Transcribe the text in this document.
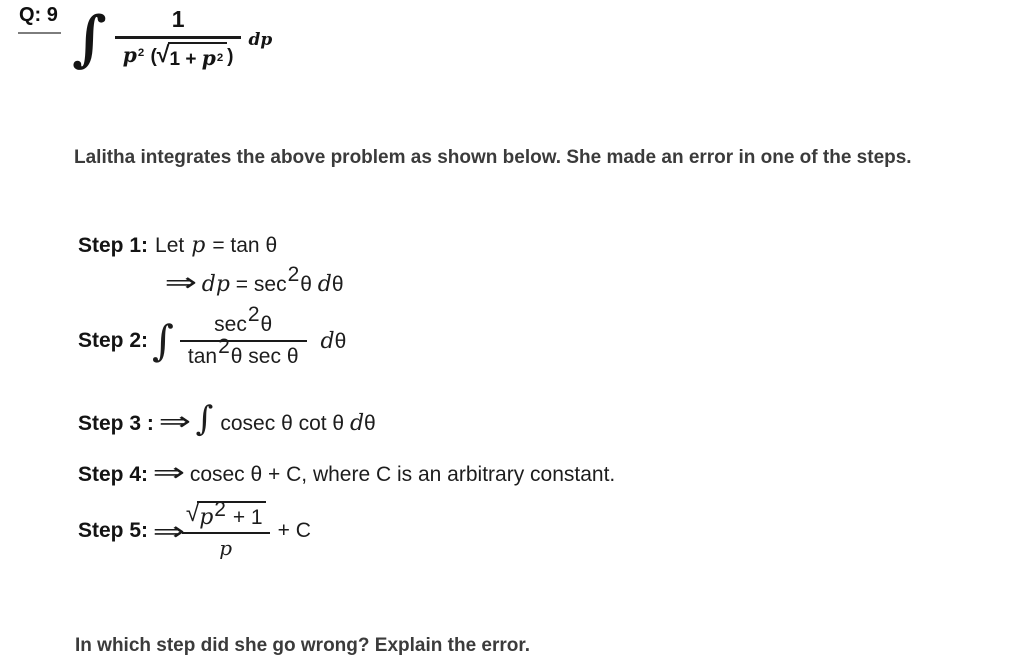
Q: 9 ∫ $\frac{1}{p^2 ( √ 1 + p^2 )}$ dp

Lalitha integrates the above problem as shown below. She made an error in one of the steps.

Step 1: Let p = tan θ
⇒ dp = sec 2 θ d θ
Step 2: ∫ $\frac{\sec 2\theta}{\text{tan2θ sec θ}}$ dθ
Step 3 : ⇒ ∫ cosec θ cot θ d θ
Step 4: ⇒ cosec θ + C, where C is an arbitrary constant.
Step 5: ⇒
$\frac{√ p2 + 1}{p} + C$

In which step did she go wrong? Explain the error.
